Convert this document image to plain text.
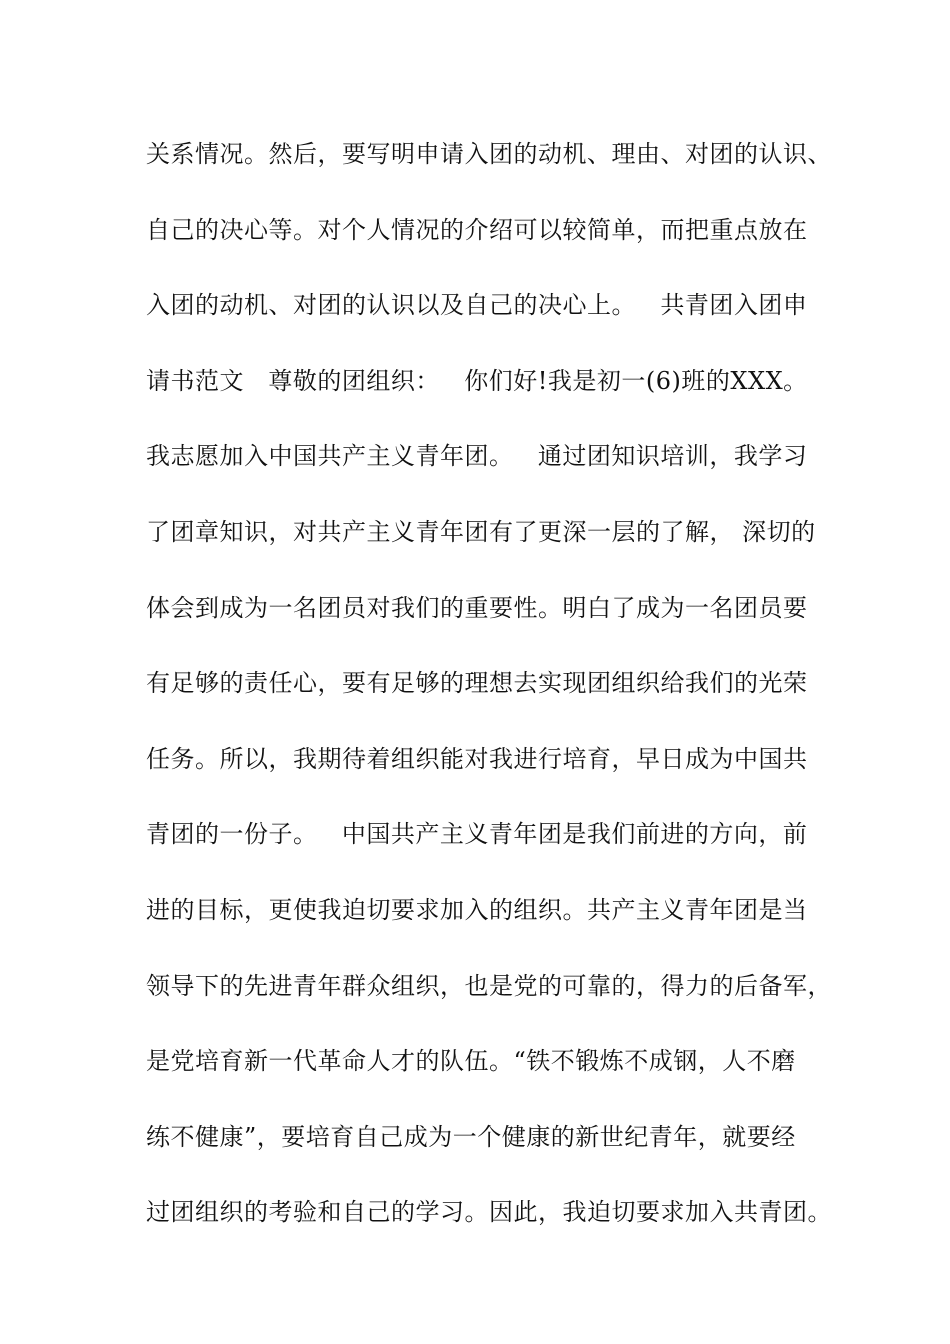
关系情况。然后，要写明申请入团的动机、理由、对团的认识、
自己的决心等。对个人情况的介绍可以较简单，而把重点放在
入团的动机、对团的认识以及自己的决心上。   共青团入团申
请书范文   尊敬的团组织：   你们好!我是初一(6)班的XXX。
我志愿加入中国共产主义青年团。   通过团知识培训，我学习
了团章知识，对共产主义青年团有了更深一层的了解， 深切的
体会到成为一名团员对我们的重要性。明白了成为一名团员要
有足够的责任心，要有足够的理想去实现团组织给我们的光荣
任务。所以，我期待着组织能对我进行培育，早日成为中国共
青团的一份子。   中国共产主义青年团是我们前进的方向，前
进的目标，更使我迫切要求加入的组织。共产主义青年团是当
领导下的先进青年群众组织，也是党的可靠的，得力的后备军，
是党培育新一代革命人才的队伍。“铁不锻炼不成钢，人不磨
练不健康”，要培育自己成为一个健康的新世纪青年，就要经
过团组织的考验和自己的学习。因此，我迫切要求加入共青团。
